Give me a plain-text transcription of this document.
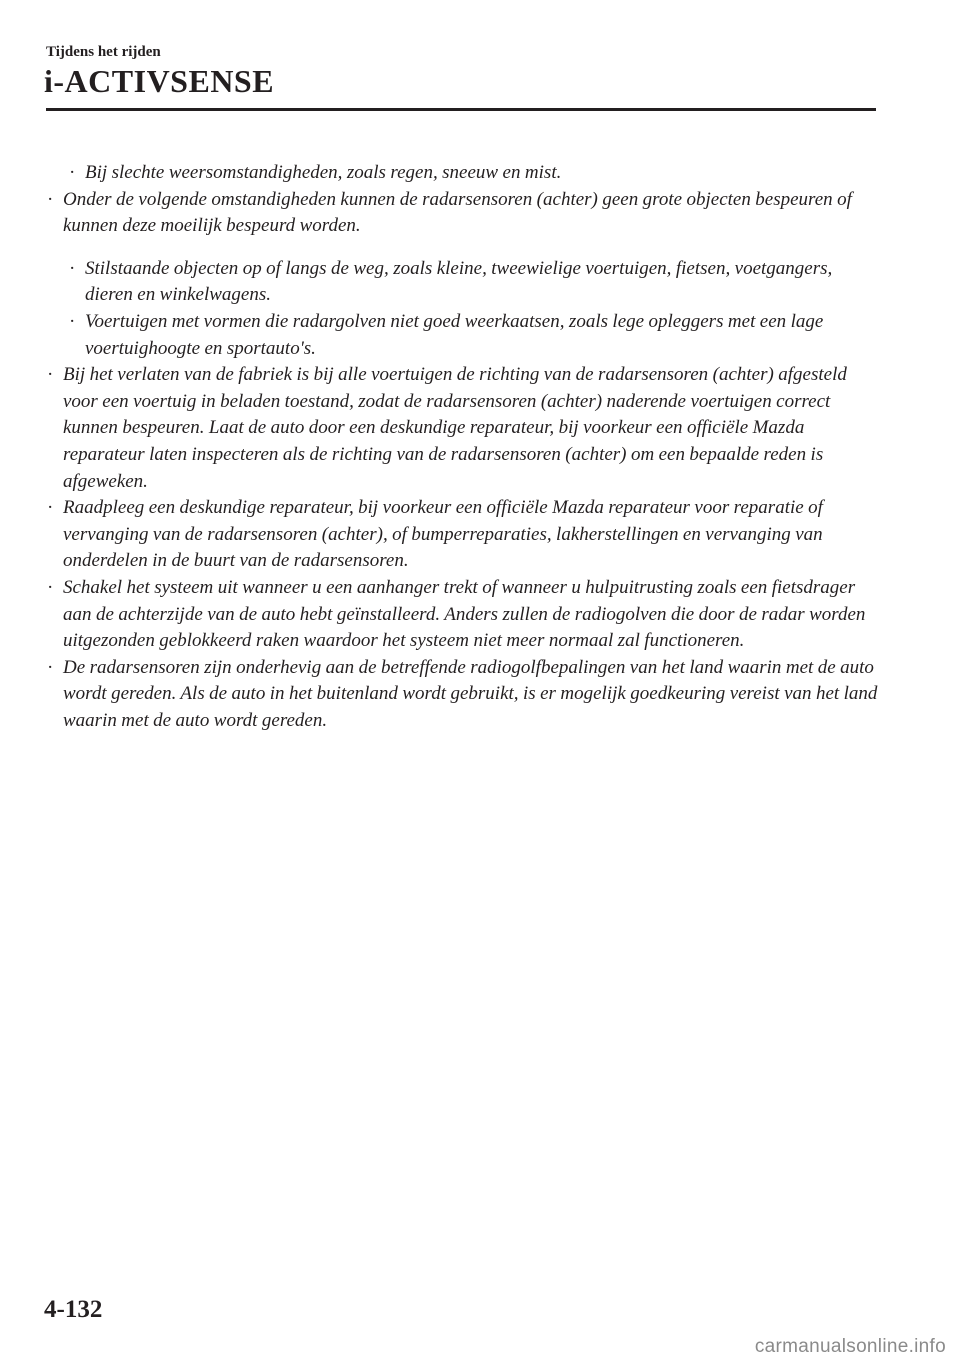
Tijdens het rijden

i-ACTIVSENSE
· Bij slechte weersomstandigheden, zoals regen, sneeuw en mist.
· Onder de volgende omstandigheden kunnen de radarsensoren (achter) geen grote objecten bespeuren of kunnen deze moeilijk bespeurd worden.
· Stilstaande objecten op of langs de weg, zoals kleine, tweewielige voertuigen, fietsen, voetgangers, dieren en winkelwagens.
· Voertuigen met vormen die radargolven niet goed weerkaatsen, zoals lege opleggers met een lage voertuighoogte en sportauto's.
· Bij het verlaten van de fabriek is bij alle voertuigen de richting van de radarsensoren (achter) afgesteld voor een voertuig in beladen toestand, zodat de radarsensoren (achter) naderende voertuigen correct kunnen bespeuren. Laat de auto door een deskundige reparateur, bij voorkeur een officiële Mazda reparateur laten inspecteren als de richting van de radarsensoren (achter) om een bepaalde reden is afgeweken.
· Raadpleeg een deskundige reparateur, bij voorkeur een officiële Mazda reparateur voor reparatie of vervanging van de radarsensoren (achter), of bumperreparaties, lakherstellingen en vervanging van onderdelen in de buurt van de radarsensoren.
· Schakel het systeem uit wanneer u een aanhanger trekt of wanneer u hulpuitrusting zoals een fietsdrager aan de achterzijde van de auto hebt geïnstalleerd. Anders zullen de radiogolven die door de radar worden uitgezonden geblokkeerd raken waardoor het systeem niet meer normaal zal functioneren.
· De radarsensoren zijn onderhevig aan de betreffende radiogolfbepalingen van het land waarin met de auto wordt gereden. Als de auto in het buitenland wordt gebruikt, is er mogelijk goedkeuring vereist van het land waarin met de auto wordt gereden.

4-132

carmanualsonline.info
